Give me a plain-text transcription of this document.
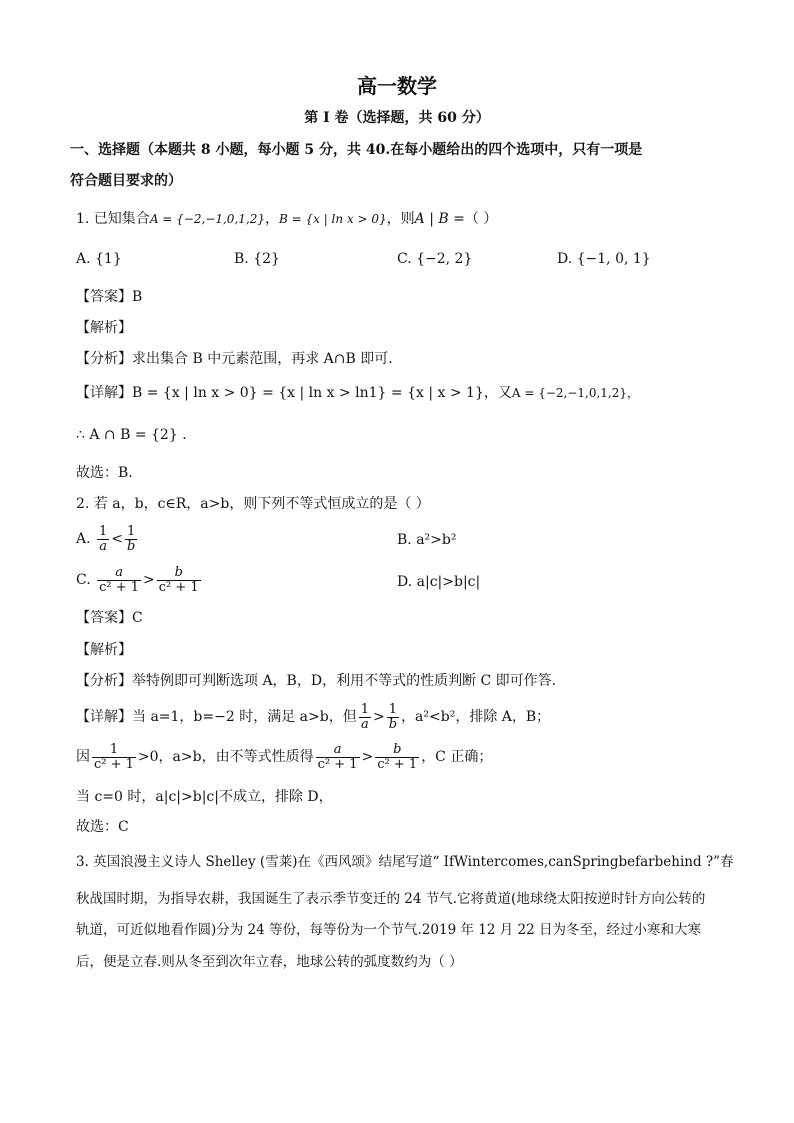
高一数学
第 I 卷（选择题，共 60 分）
一、选择题（本题共 8 小题，每小题 5 分，共 40.在每小题给出的四个选项中，只有一项是
符合题目要求的）
1. 已知集合A = {−2,−1,0,1,2}，B = {x | ln x > 0}，则A | B =（ ）
A. {1}	B. {2}	C. {−2, 2}	D. {−1, 0, 1}
【答案】B
【解析】
【分析】求出集合 B 中元素范围，再求 A∩B 即可.
【详解】B = {x | ln x > 0} = {x | ln x > ln1} = {x | x > 1}，又A = {−2,−1,0,1,2}，
∴ A ∩ B = {2} .
故选：B.
2. 若 a，b，c∈R，a>b，则下列不等式恒成立的是（ ）
A. $\frac{1}{a} < \frac{1}{b}$	B. a²>b²
C. $\frac{a}{\text{c² + 1}} > \frac{b}{\text{c² + 1}}$	D. a|c|>b|c|
【答案】C
【解析】
【分析】举特例即可判断选项 A，B，D，利用不等式的性质判断 C 即可作答.
【详解】当 a=1，b=−2 时，满足 a>b，但 $\frac{1}{a} > \frac{1}{b}$ ，a²<b²，排除 A，B；
因 $\frac{1}{\text{c² + 1}} >0$，a>b，由不等式性质得 $\frac{a}{\text{c² + 1}} > \frac{b}{\text{c² + 1}}$ ，C 正确；
当 c=0 时，a|c|>b|c|不成立，排除 D，
故选：C
3. 英国浪漫主义诗人 Shelley (雪莱)在《西风颂》结尾写道“ IfWintercomes,canSpringbefarbehind ?”春
秋战国时期，为指导农耕，我国诞生了表示季节变迁的 24 节气.它将黄道(地球绕太阳按逆时针方向公转的
轨道，可近似地看作圆)分为 24 等份，每等份为一个节气.2019 年 12 月 22 日为冬至，经过小寒和大寒
后，便是立春.则从冬至到次年立春，地球公转的弧度数约为（ ）
